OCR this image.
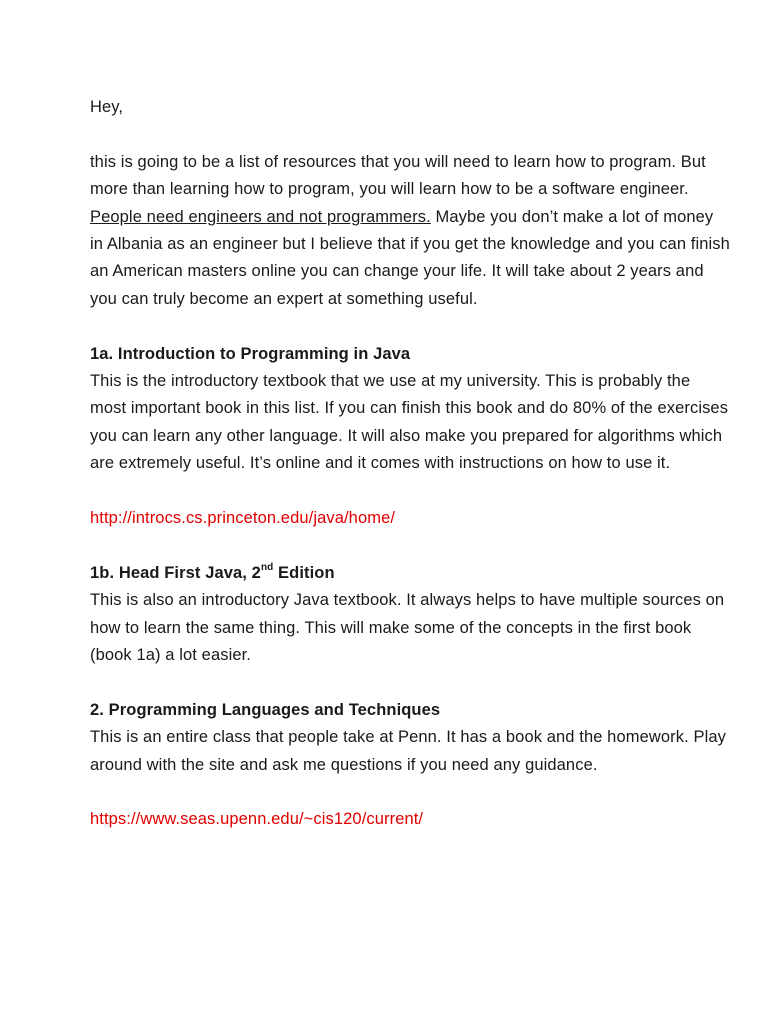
Hey,

this is going to be a list of resources that you will need to learn how to program. But more than learning how to program, you will learn how to be a software engineer. People need engineers and not programmers. Maybe you don’t make a lot of money in Albania as an engineer but I believe that if you get the knowledge and you can finish an American masters online you can change your life. It will take about 2 years and you can truly become an expert at something useful.

1a. Introduction to Programming in Java

This is the introductory textbook that we use at my university. This is probably the most important book in this list. If you can finish this book and do 80% of the exercises you can learn any other language. It will also make you prepared for algorithms which are extremely useful. It’s online and it comes with instructions on how to use it.

http://introcs.cs.princeton.edu/java/home/

1b. Head First Java, 2nd Edition

This is also an introductory Java textbook. It always helps to have multiple sources on how to learn the same thing. This will make some of the concepts in the first book (book 1a) a lot easier.

2. Programming Languages and Techniques

This is an entire class that people take at Penn. It has a book and the homework. Play around with the site and ask me questions if you need any guidance.

https://www.seas.upenn.edu/~cis120/current/
